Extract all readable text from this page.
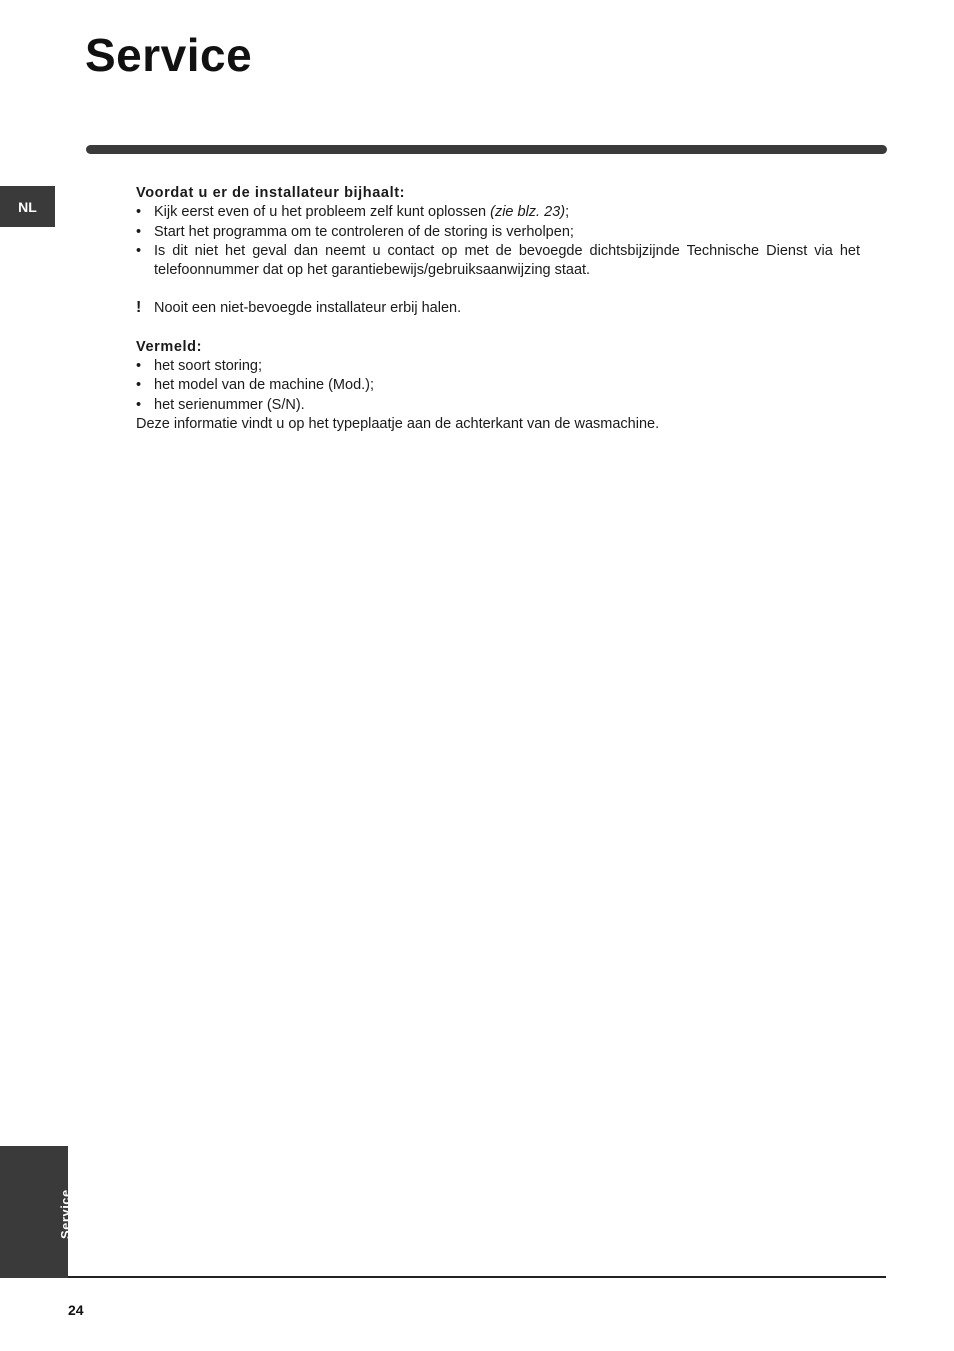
Service
NL

Voordat u er de installateur bijhaalt:

• Kijk eerst even of u het probleem zelf kunt oplossen (zie blz. 23);
• Start het programma om te controleren of de storing is verholpen;
• Is dit niet het geval dan neemt u contact op met de bevoegde dichtsbijzijnde Technische Dienst via het telefoonnummer dat op het garantiebewijs/gebruiksaanwijzing staat.

! Nooit een niet-bevoegde installateur erbij halen.

Vermeld:

• het soort storing;
• het model van de machine (Mod.);
• het serienummer (S/N).

Deze informatie vindt u op het typeplaatje aan de achterkant van de wasmachine.

Service
24
